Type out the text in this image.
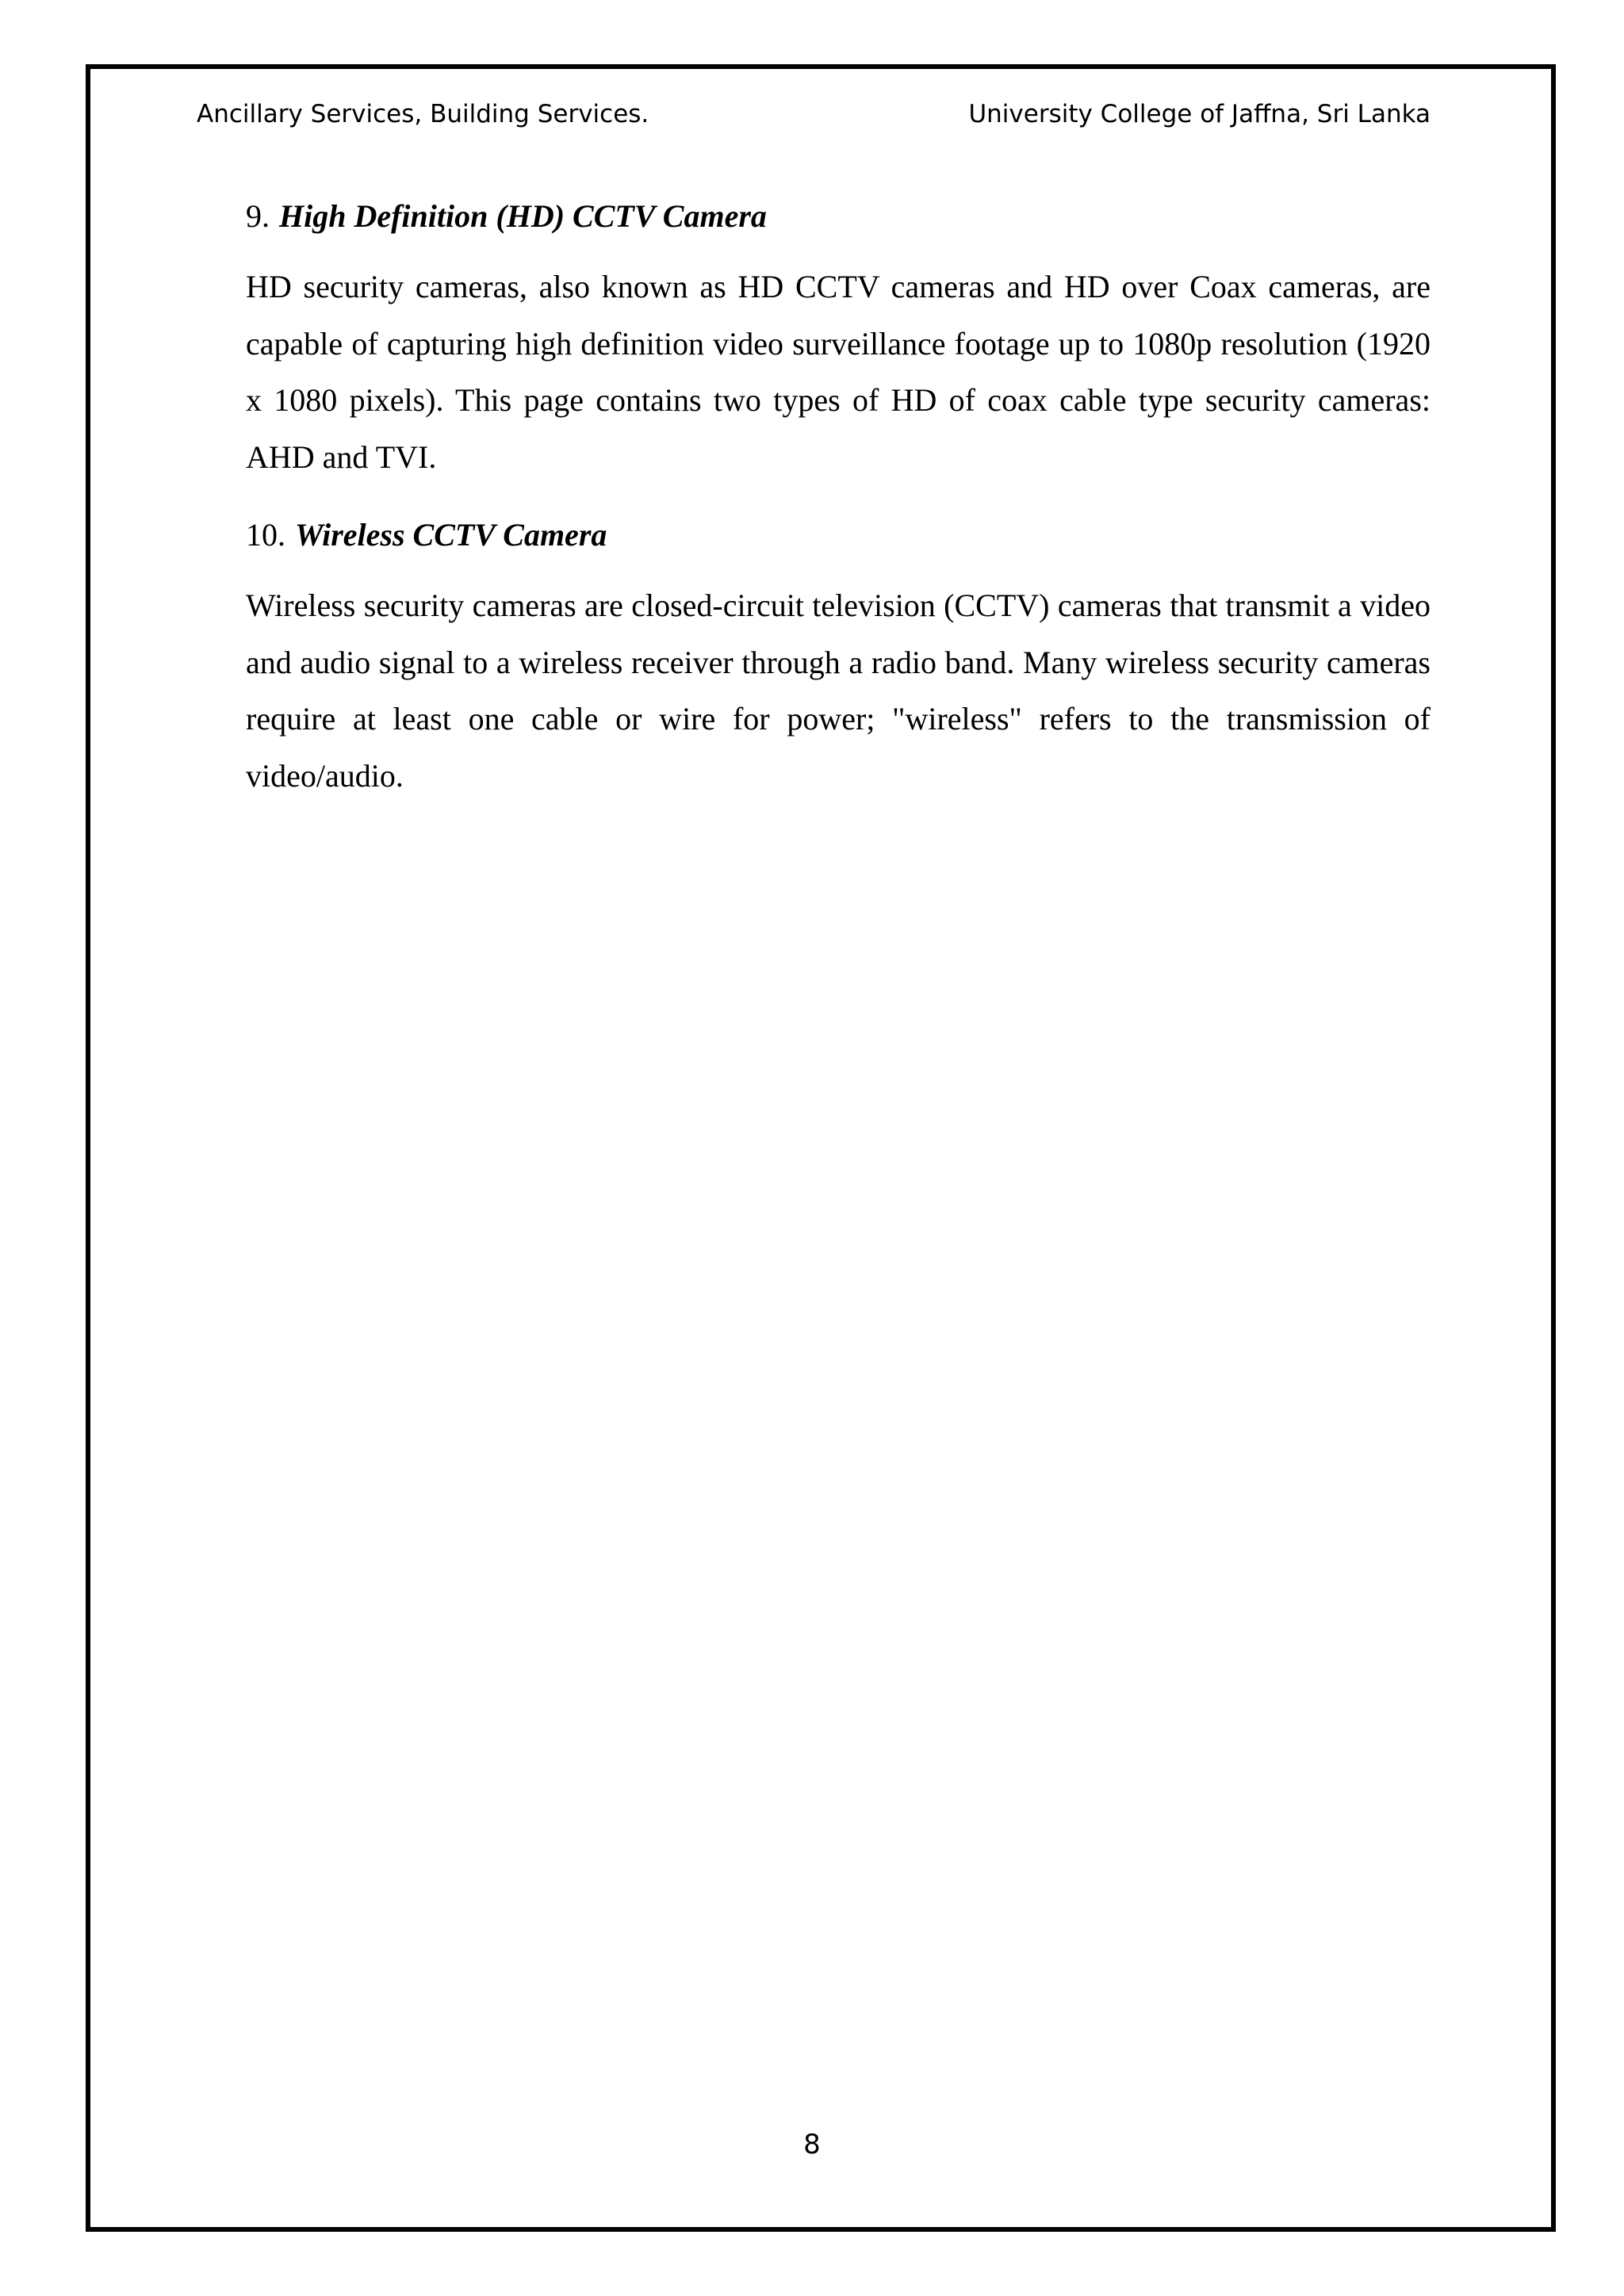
Ancillary Services, Building Services.	University College of Jaffna, Sri Lanka

9. High Definition (HD) CCTV Camera

HD security cameras, also known as HD CCTV cameras and HD over Coax cameras, are capable of capturing high definition video surveillance footage up to 1080p resolution (1920 x 1080 pixels). This page contains two types of HD of coax cable type security cameras: AHD and TVI.

10. Wireless CCTV Camera

Wireless security cameras are closed-circuit television (CCTV) cameras that transmit a video and audio signal to a wireless receiver through a radio band. Many wireless security cameras require at least one cable or wire for power; "wireless" refers to the transmission of video/audio.

8
